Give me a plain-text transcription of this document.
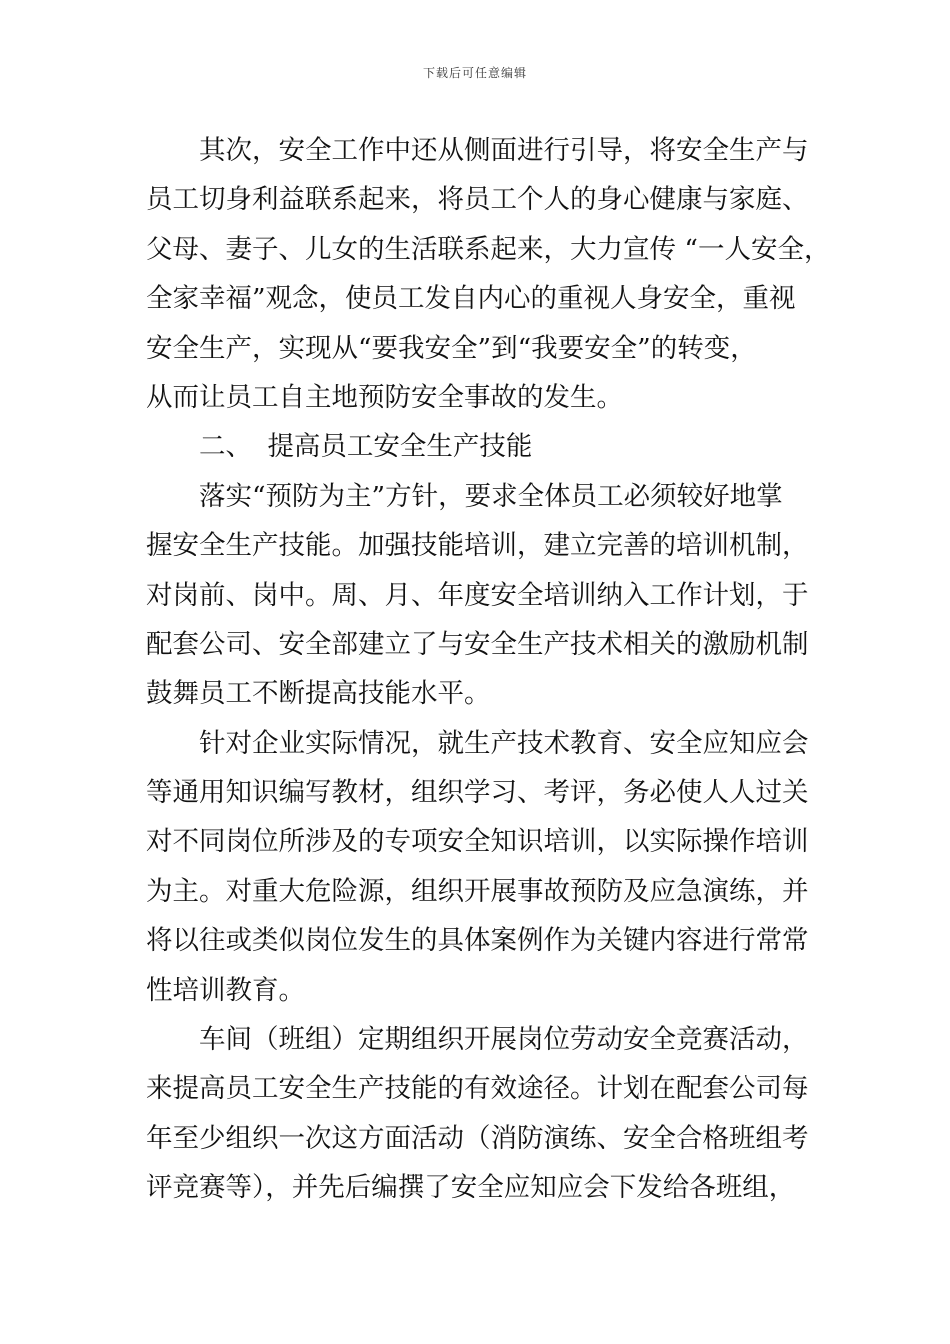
下载后可任意编辑
其次，安全工作中还从侧面进行引导，将安全生产与
员工切身利益联系起来，将员工个人的身心健康与家庭、
父母、妻子、儿女的生活联系起来，大力宣传 “一人安全，
全家幸福”观念，使员工发自内心的重视人身安全，重视
安全生产，实现从“要我安全”到“我要安全”的转变，
从而让员工自主地预防安全事故的发生。
二、 提高员工安全生产技能
落实“预防为主”方针，要求全体员工必须较好地掌
握安全生产技能。加强技能培训，建立完善的培训机制，
对岗前、岗中。周、月、年度安全培训纳入工作计划，于
配套公司、安全部建立了与安全生产技术相关的激励机制
鼓舞员工不断提高技能水平。
针对企业实际情况，就生产技术教育、安全应知应会
等通用知识编写教材，组织学习、考评，务必使人人过关
对不同岗位所涉及的专项安全知识培训，以实际操作培训
为主。对重大危险源，组织开展事故预防及应急演练，并
将以往或类似岗位发生的具体案例作为关键内容进行常常
性培训教育。
车间（班组）定期组织开展岗位劳动安全竞赛活动，
来提高员工安全生产技能的有效途径。计划在配套公司每
年至少组织一次这方面活动（消防演练、安全合格班组考
评竞赛等），并先后编撰了安全应知应会下发给各班组，
